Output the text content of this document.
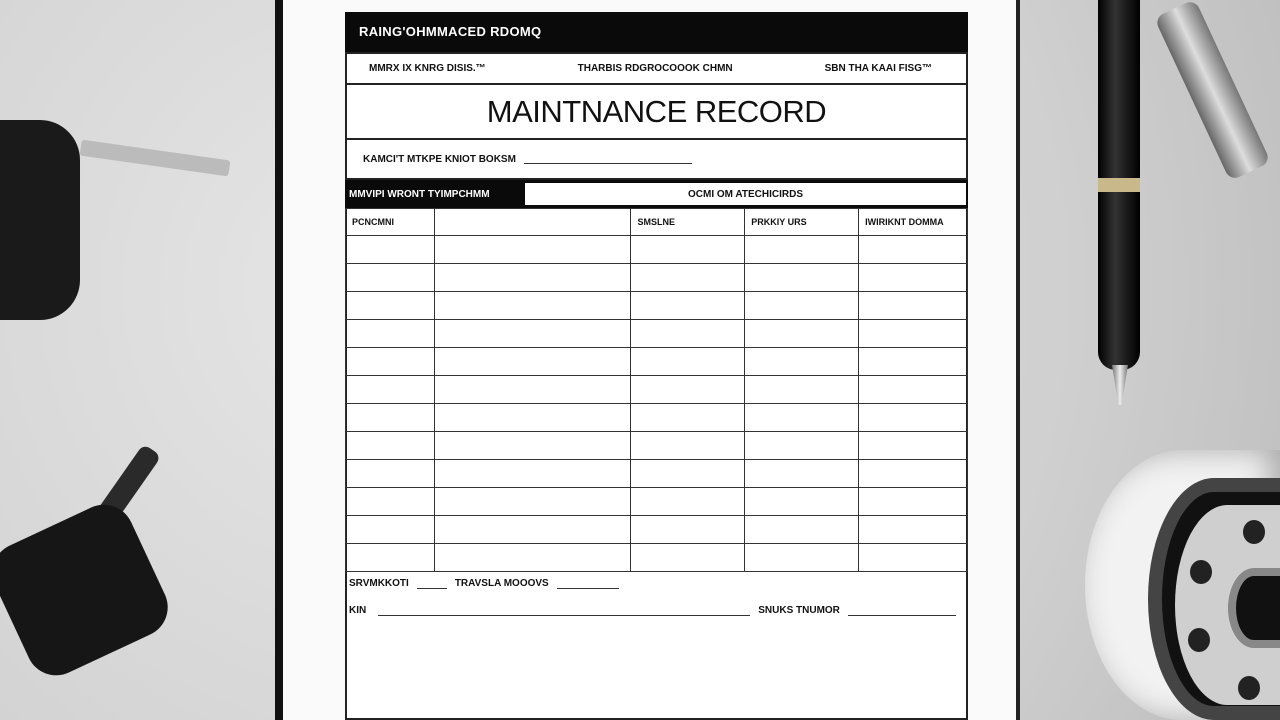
RAING'OHMMACED RDOMQ
MMRX IX KNRG DISIS.™	THARBIS RDGROCOOOK CHMN	SBN THA KAAI FISG™
MAINTNANCE RECORD
KAMCI'T MTKPE KNIOT BOKSM
MMVIPI WRONT TYIMPCHMM	OCMI OM ATECHICIRDS
PCNCMNI		SMSLNE	PRKKIY URS	IWIRIKNT DOMMA

SRVMKKOTI	TRAVSLA MOOOVS
KIN	SNUKS TNUMOR
